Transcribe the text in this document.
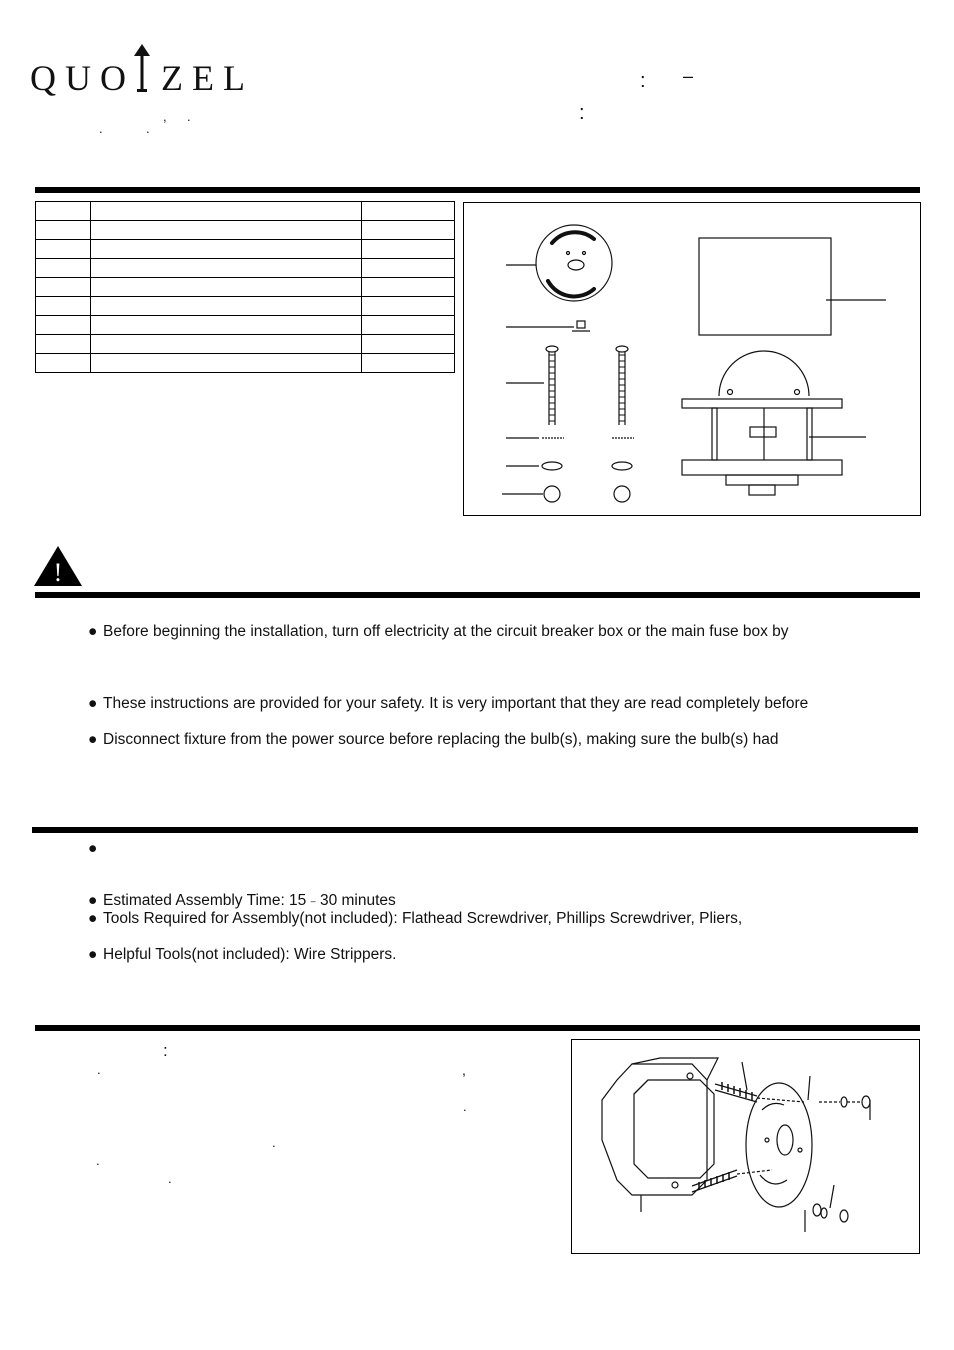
QUO ZEL
.	.
, .
: –
:

!
● Before beginning the installation, turn off electricity at the circuit breaker box or the main fuse box by
● These instructions are provided for your safety. It is very important that they are read completely before
● Disconnect fixture from the power source before replacing the bulb(s), making sure the bulb(s) had
●
● Estimated Assembly Time: 15 – 30 minutes
● Tools Required for Assembly(not included): Flathead Screwdriver, Phillips Screwdriver, Pliers,
● Helpful Tools(not included): Wire Strippers.
:
.	,
.
.
.
.
